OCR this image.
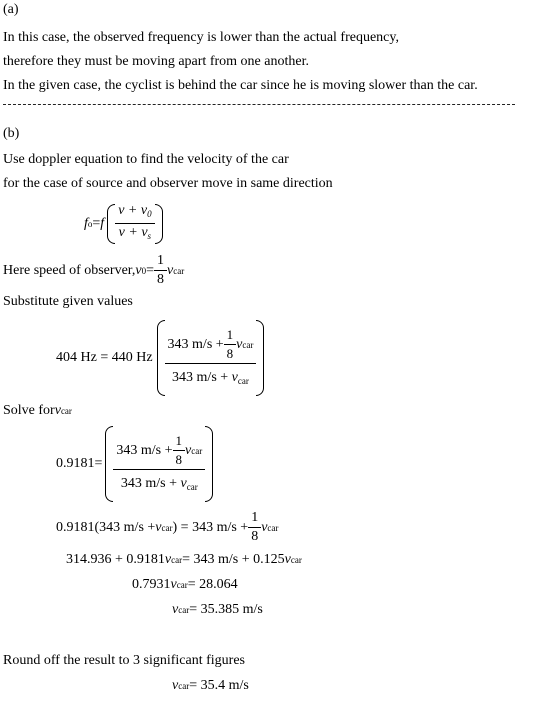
(a)
In this case, the observed frequency is lower than the actual frequency,
therefore they must be moving apart from one another.
In the given case, the cyclist is behind the car since he is moving slower than the car.
(b)
Use doppler equation to find the velocity of the car
for the case of source and observer move in same direction
f o = f $\frac{v + v_0}{v + v_s}$
Here speed of observer, v $0 = \frac{1}{8}$ v car
Substitute given values
404 Hz = 440 Hz $\frac{343 m/s + \frac{1}{8} v car}{343 m/s + v_{car}}$
Solve for v car
$0.9181= \frac{343 m/s + \frac{1}{8} v car}{343 m/s + v_{car}}$
0.9181(343 m/s + v car ) = 343 $m/s + \frac{1}{8}$ v car
314.936 + 0.9181 v car = 343 m/s + 0.125 v car
0.7931 v car = 28.064
v car = 35.385 m/s
Round off the result to 3 significant figures
v car = 35.4 m/s
